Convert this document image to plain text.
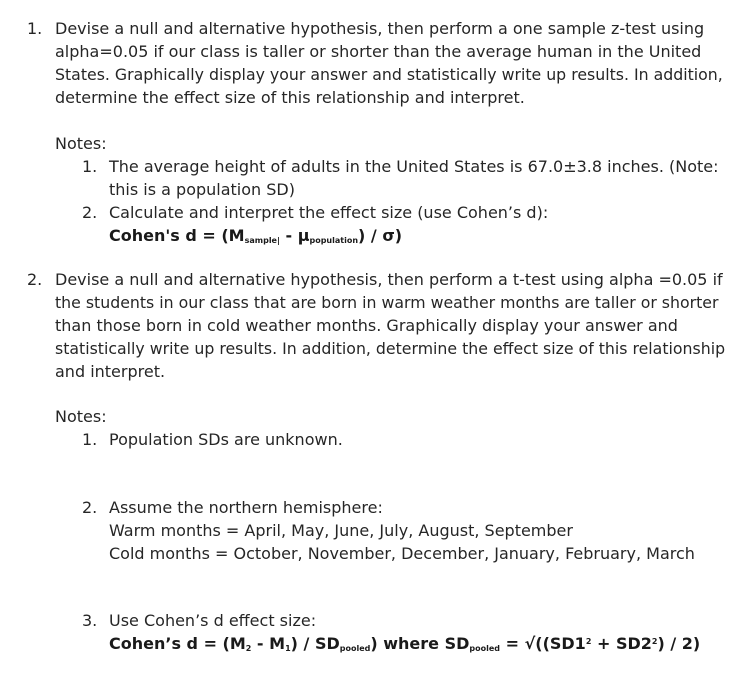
1. Devise a null and alternative hypothesis, then perform a one sample z-test using
alpha=0.05 if our class is taller or shorter than the average human in the United
States. Graphically display your answer and statistically write up results. In addition,
determine the effect size of this relationship and interpret.
Notes:
1. The average height of adults in the United States is 67.0±3.8 inches. (Note:
this is a population SD)
2. Calculate and interpret the effect size (use Cohen’s d):
Cohen's $d = (M_{sample|} - \mu_{population}) / \sigma$)
2. Devise a null and alternative hypothesis, then perform a t-test using alpha =0.05 if
the students in our class that are born in warm weather months are taller or shorter
than those born in cold weather months. Graphically display your answer and
statistically write up results. In addition, determine the effect size of this relationship
and interpret.
Notes:
1. Population SDs are unknown.
2. Assume the northern hemisphere:
Warm months = April, May, June, July, August, September
Cold months = October, November, December, January, February, March
3. Use Cohen’s d effect size:
Cohen’s $d = (M_2 - M_1) / SD_{pooled}$) where $SD_{pooled} = √((SD1^2 + SD2^2) / 2)$
